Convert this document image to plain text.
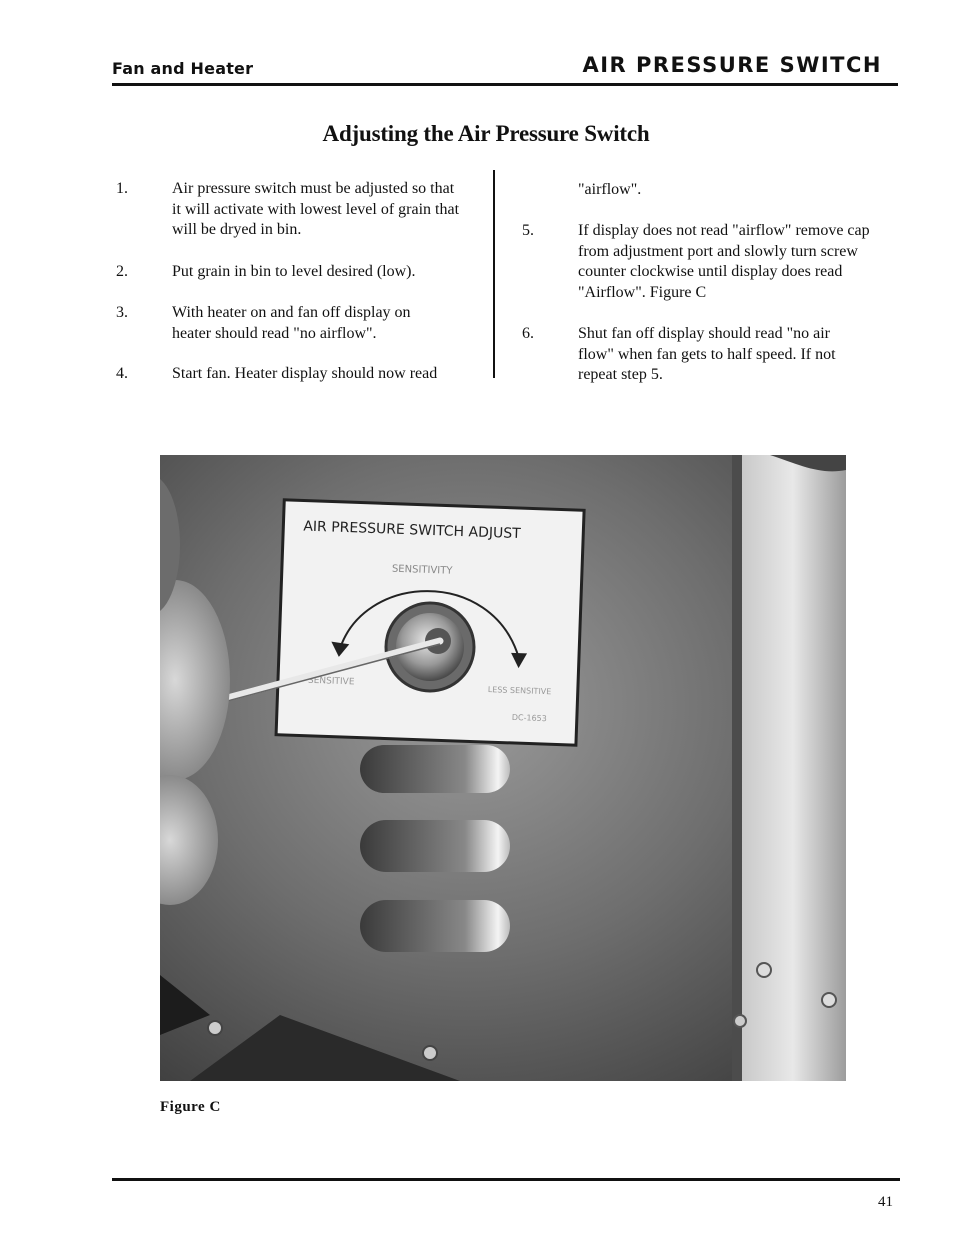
Fan and Heater	AIR PRESSURE SWITCH
Adjusting the Air Pressure Switch
1.	Air pressure switch must be adjusted so that it will activate with lowest level of grain that will be dryed in bin.
2.	Put grain in bin to level desired (low).
3.	With heater on and fan off display on heater should read "no airflow".
4.	Start fan. Heater display should now read
"airflow".
5.	If display does not read "airflow" remove cap from adjustment port and slowly turn screw counter clockwise until display does read "Airflow". Figure C
6.	Shut fan off display should read "no air flow" when fan gets to half speed. If not repeat step 5.
AIR PRESSURE SWITCH ADJUST
SENSITIVITY
SENSITIVE
LESS SENSITIVE
DC-1653
Figure C
41
